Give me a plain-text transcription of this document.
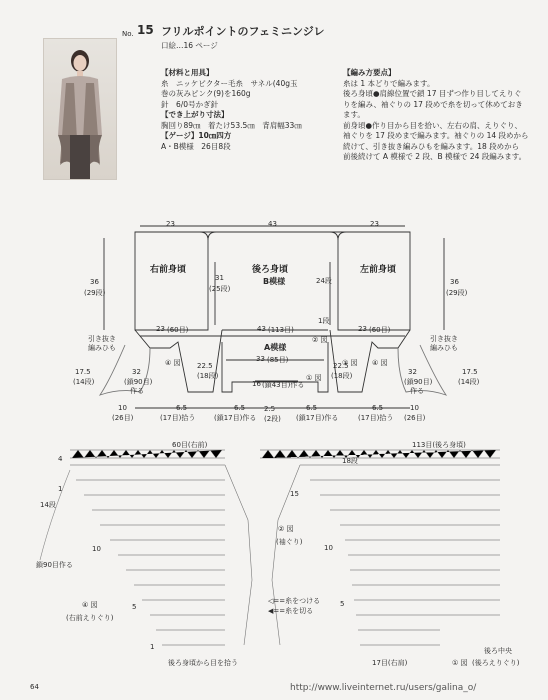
No. 15 フリルポイントのフェミニンジレ
口絵…16 ページ
【材料と用具】
糸　ニッケビクター毛糸　サネル(40g玉
巻の灰みピンク(9)を160g
針　6/0号かぎ針
【でき上がり寸法】
胸回り89㎝　着たけ53.5㎝　背肩幅33㎝
【ゲージ】10㎝四方
A・B模様　26目8段
【編み方要点】
糸は 1 本どりで編みます。
後ろ身頃●肩線位置で鎖 17 目ずつ作り目してえりぐ
りを編み、袖ぐりの 17 段めで糸を切って休めておき
ます。
前身頃●作り目から目を拾い、左右の肩、えりぐり、
袖ぐりを 17 段めまで編みます。袖ぐりの 14 段めから
続けて、引き抜き編みひもを編みます。18 段めから
前後続けて A 模様で 2 段、B 模様で 24 段編みます。
右前身頃	後ろ身頃
B模様
左前身頃
A模様
23	43	23
36
(29段)
36
(29段)
31
(25段)
24段
1段
23 (60目)	43 (113目)	23 (60目)
引き抜き
編みひも
引き抜き
編みひも
④ 図
② 図
③ 図
① 図
④ 図
17.5
(14段)
17.5
(14段)
32
(鎖90目)
作る
32
(鎖90目)
作る
22.5
(18段)
22.5
(18段)
33 (85目)
16 (鎖43目)作る
2.5
(2段)
10
(26目)
6.5
(17目)拾う
6.5
(鎖17目)作る
6.5
(鎖17目)作る
6.5
(17目)拾う
10
(26目)
60目(右前)
18段
113目(後ろ身頃)
4
1
14段
10
5
15
10
5
1
鎖90目作る
④ 図
(右前えりぐり)
② 図
(袖ぐり)
◁==糸をつける
◀==糸を切る
後ろ身頃から目を拾う
後ろ中央
17目(右肩)	① 図 (後ろえりぐり)
64	http://www.liveinternet.ru/users/galina_o/
